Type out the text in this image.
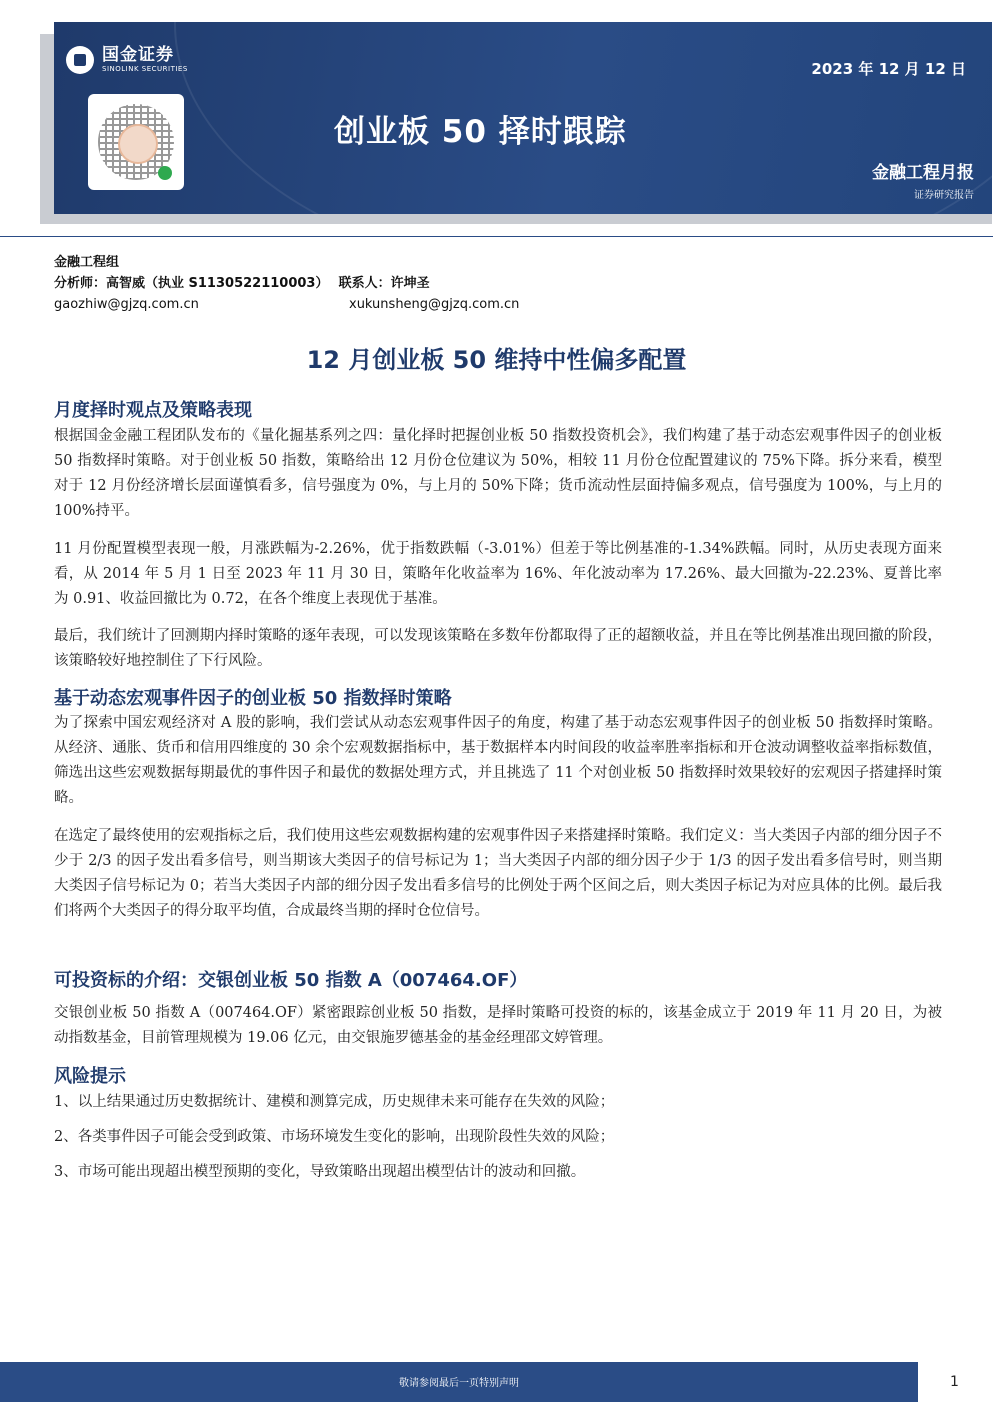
国金证券
SINOLINK SECURITIES
创业板 50 择时跟踪
2023 年 12 月 12 日
金融工程月报
证券研究报告
金融工程组
分析师：高智威（执业 S1130522110003） 联系人：许坤圣
gaozhiw@gjzq.com.cn	xukunsheng@gjzq.com.cn
12 月创业板 50 维持中性偏多配置
月度择时观点及策略表现
根据国金金融工程团队发布的《量化掘基系列之四：量化择时把握创业板 50 指数投资机会》，我们构建了基于动态宏观事件因子的创业板 50 指数择时策略。对于创业板 50 指数，策略给出 12 月份仓位建议为 50%，相较 11 月份仓位配置建议的 75%下降。拆分来看，模型对于 12 月份经济增长层面谨慎看多，信号强度为 0%，与上月的 50%下降；货币流动性层面持偏多观点，信号强度为 100%，与上月的 100%持平。
11 月份配置模型表现一般，月涨跌幅为-2.26%，优于指数跌幅（-3.01%）但差于等比例基准的-1.34%跌幅。同时，从历史表现方面来看，从 2014 年 5 月 1 日至 2023 年 11 月 30 日，策略年化收益率为 16%、年化波动率为 17.26%、最大回撤为-22.23%、夏普比率为 0.91、收益回撤比为 0.72，在各个维度上表现优于基准。
最后，我们统计了回测期内择时策略的逐年表现，可以发现该策略在多数年份都取得了正的超额收益，并且在等比例基准出现回撤的阶段，该策略较好地控制住了下行风险。
基于动态宏观事件因子的创业板 50 指数择时策略
为了探索中国宏观经济对 A 股的影响，我们尝试从动态宏观事件因子的角度，构建了基于动态宏观事件因子的创业板 50 指数择时策略。从经济、通胀、货币和信用四维度的 30 余个宏观数据指标中，基于数据样本内时间段的收益率胜率指标和开仓波动调整收益率指标数值，筛选出这些宏观数据每期最优的事件因子和最优的数据处理方式，并且挑选了 11 个对创业板 50 指数择时效果较好的宏观因子搭建择时策略。
在选定了最终使用的宏观指标之后，我们使用这些宏观数据构建的宏观事件因子来搭建择时策略。我们定义：当大类因子内部的细分因子不少于 2/3 的因子发出看多信号，则当期该大类因子的信号标记为 1；当大类因子内部的细分因子少于 1/3 的因子发出看多信号时，则当期大类因子信号标记为 0；若当大类因子内部的细分因子发出看多信号的比例处于两个区间之后，则大类因子标记为对应具体的比例。最后我们将两个大类因子的得分取平均值，合成最终当期的择时仓位信号。
可投资标的介绍：交银创业板 50 指数 A（007464.OF）
交银创业板 50 指数 A（007464.OF）紧密跟踪创业板 50 指数，是择时策略可投资的标的，该基金成立于 2019 年 11 月 20 日，为被动指数基金，目前管理规模为 19.06 亿元，由交银施罗德基金的基金经理邵文婷管理。
风险提示
1、以上结果通过历史数据统计、建模和测算完成，历史规律未来可能存在失效的风险；
2、各类事件因子可能会受到政策、市场环境发生变化的影响，出现阶段性失效的风险；
3、市场可能出现超出模型预期的变化，导致策略出现超出模型估计的波动和回撤。
敬请参阅最后一页特别声明	1
